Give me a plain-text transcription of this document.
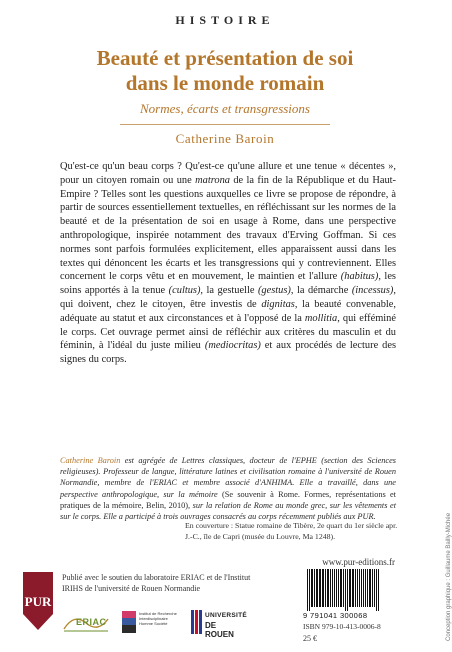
HISTOIRE
Beauté et présentation de soi
dans le monde romain
Normes, écarts et transgressions
Catherine Baroin

Qu'est-ce qu'un beau corps ? Qu'est-ce qu'une allure et une tenue « décentes », pour un citoyen romain ou une matrona de la fin de la République et du Haut-Empire ? Telles sont les questions auxquelles ce livre se propose de répondre, à partir de sources essentiellement textuelles, en réfléchissant sur les normes de la beauté et de la présentation de soi en usage à Rome, dans une perspective anthropologique, inspirée notamment des travaux d'Erving Goffman. Si ces normes sont parfois formulées explicitement, elles apparaissent aussi dans les textes qui dénoncent les écarts et les transgressions qui y contreviennent. Elles concernent le corps vêtu et en mouvement, le maintien et l'allure (habitus), les soins apportés à la tenue (cultus), la gestuelle (gestus), la démarche (incessus), qui doivent, chez le citoyen, être investis de dignitas, la beauté convenable, adéquate au statut et aux circonstances et à l'opposé de la mollitia, qui efféminé le corps. Cet ouvrage permet ainsi de réfléchir aux critères du masculin et du féminin, à l'idéal du juste milieu (mediocritas) et aux procédés de lecture des signes du corps.

Catherine Baroin est agrégée de Lettres classiques, docteur de l'EPHE (section des Sciences religieuses). Professeur de langue, littérature latines et civilisation romaine à l'université de Rouen Normandie, membre de l'ERIAC et membre associé d'ANHIMA. Elle a travaillé, dans une perspective anthropologique, sur la mémoire (Se souvenir à Rome. Formes, représentations et pratiques de la mémoire, Belin, 2010), sur la relation de Rome au monde grec, sur les vêtements et sur le corps. Elle a participé à trois ouvrages consacrés au corps récemment publiés aux PUR.	Conception graphique : Guillaume Bailly-Michée
En couverture : Statue romaine de Tibère, 2e quart du 1er siècle apr. J.-C., île de Capri (musée du Louvre, Ma 1248).
www.pur-editions.fr
9 791041 300068
ISBN 979-10-413-0006-8
25 €
PUR
Publié avec le soutien du laboratoire ERIAC et de l'Institut IRIHS de l'université de Rouen Normandie
ERIAC
Institut de Recherche Interdisciplinaire Homme Société
UNIVERSITÉ
DE ROUEN
